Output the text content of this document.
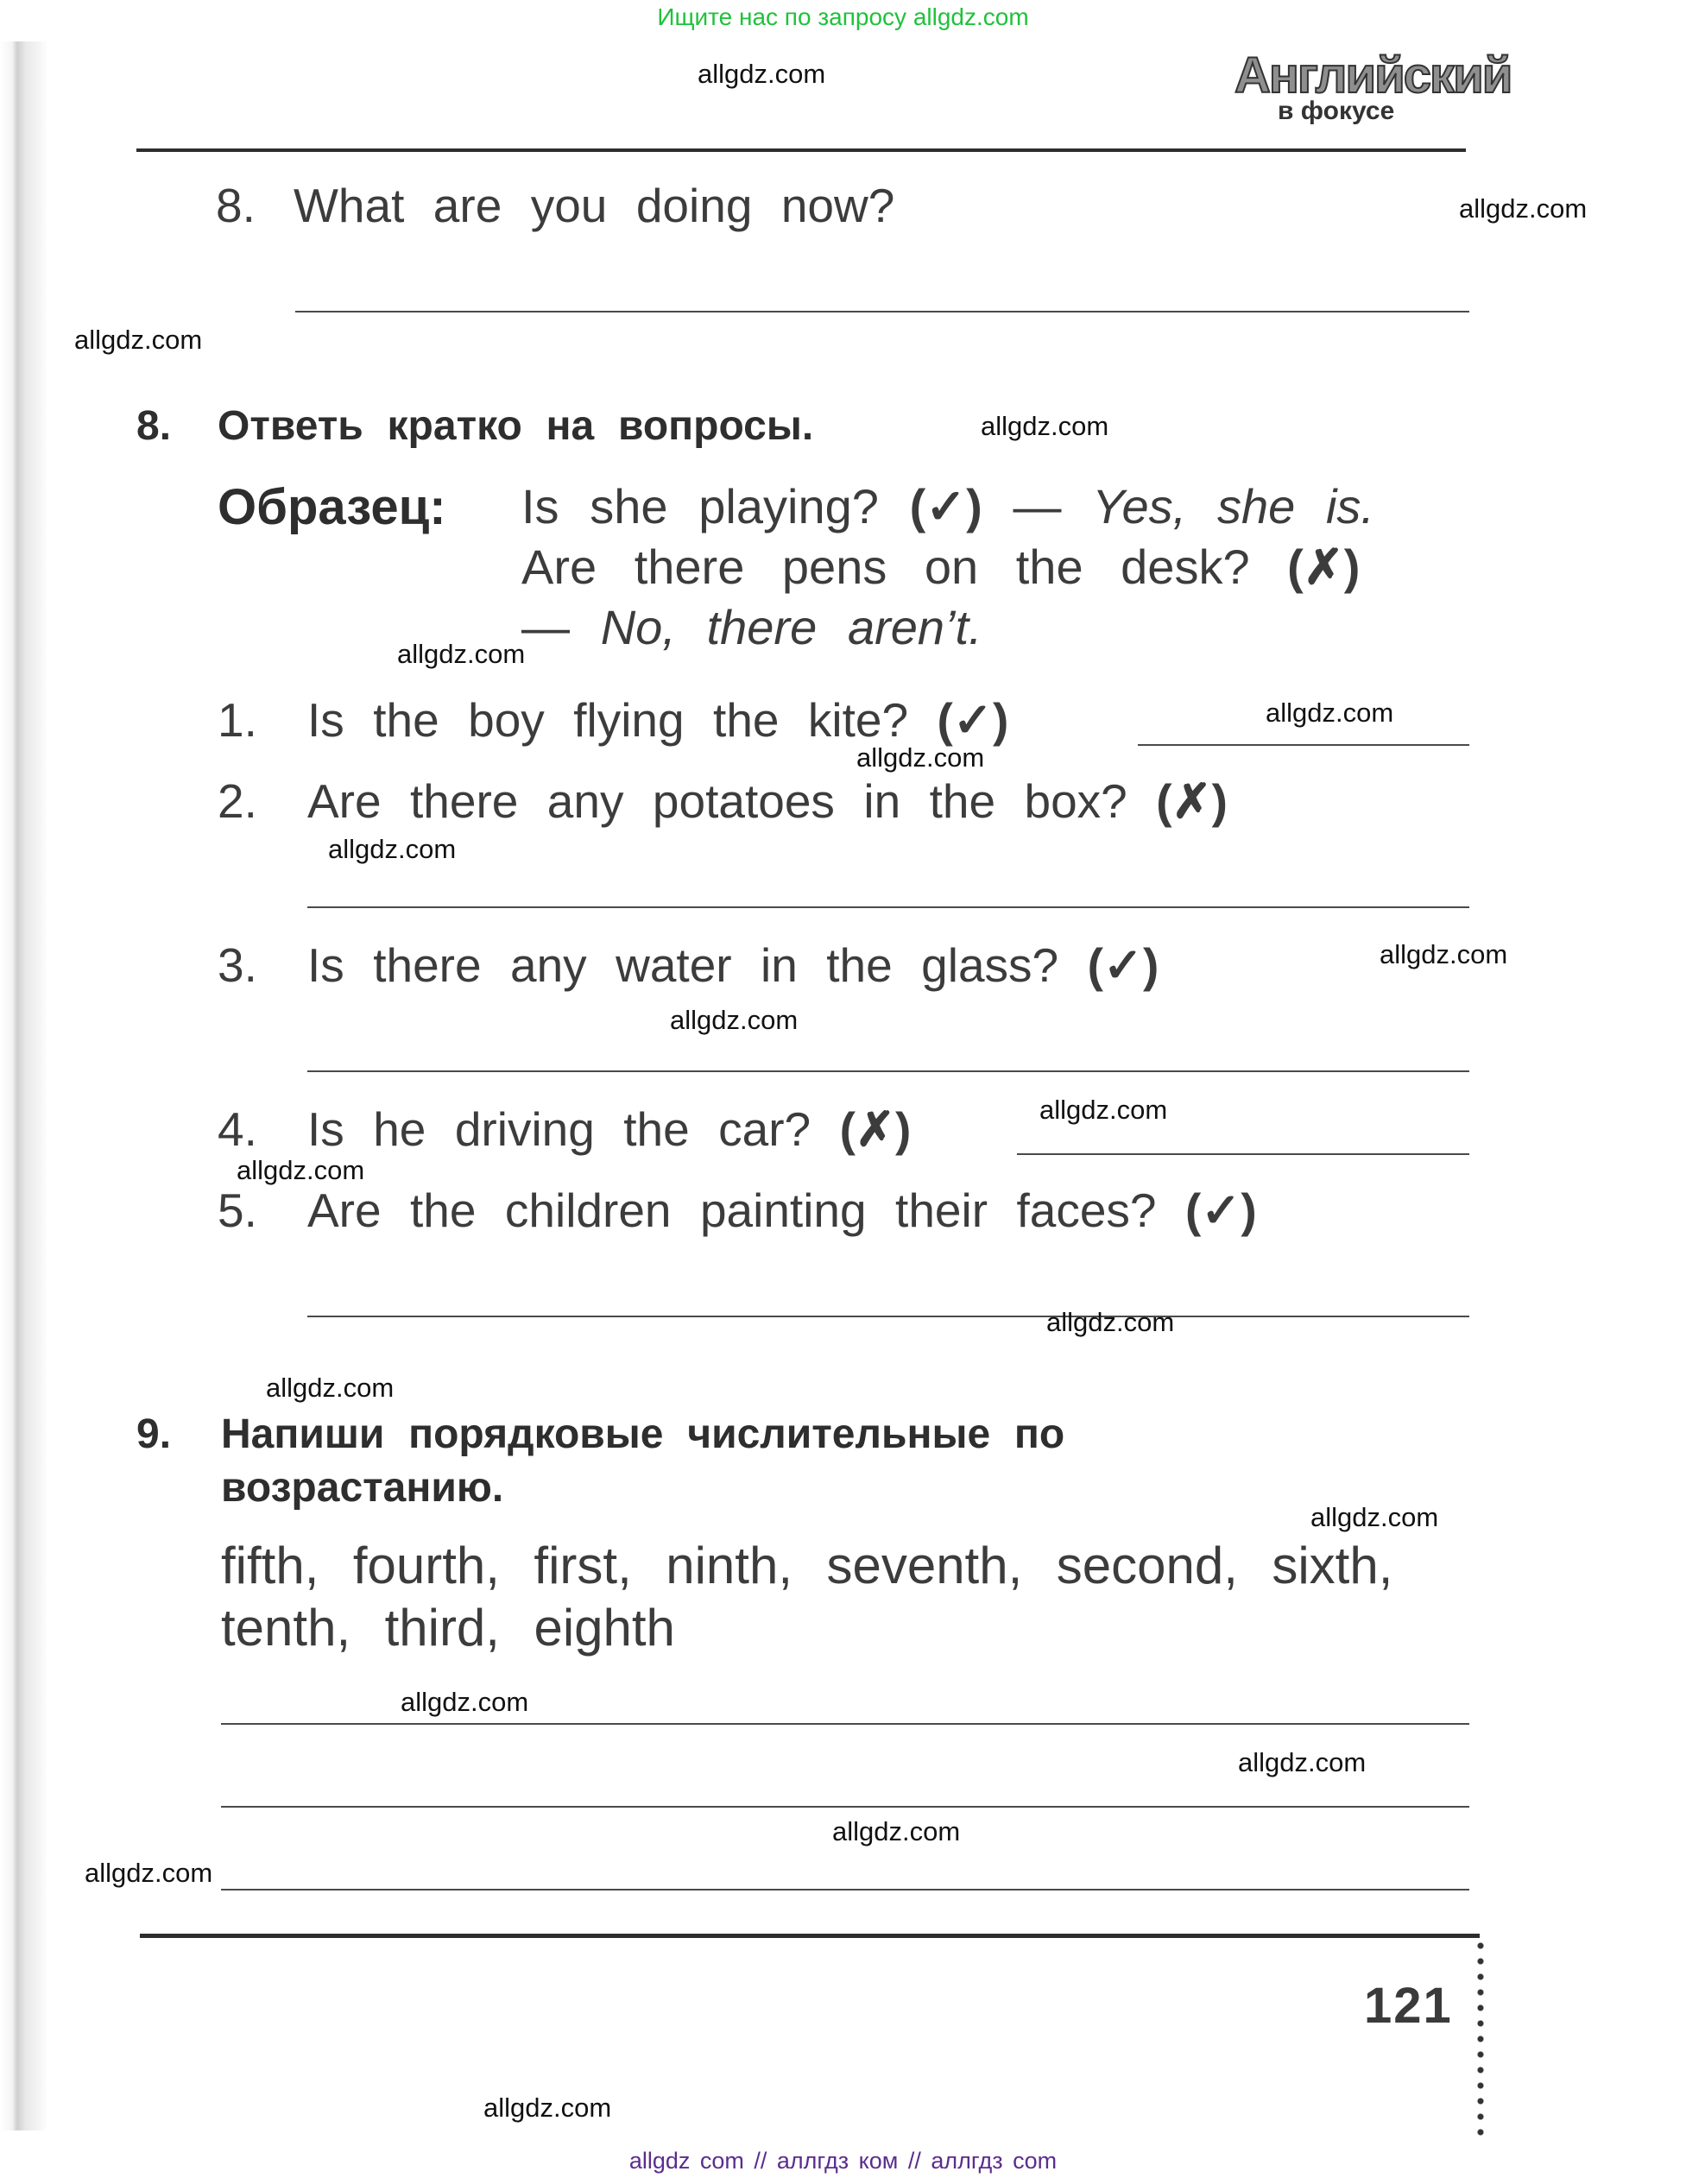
Ищите нас по запросу allgdz.com
Английский
в фокусе
8. What are you doing now?
8. Ответь кратко на вопросы.
Образец: Is she playing? (✓) — Yes, she is.
Are there pens on the desk? (✗)
— No, there aren’t.
1. Is the boy flying the kite? (✓)
2. Are there any potatoes in the box? (✗)
3. Is there any water in the glass? (✓)
4. Is he driving the car? (✗)
5. Are the children painting their faces? (✓)
9. Напиши порядковые числительные по
возрастанию.
fifth, fourth, first, ninth, seventh, second, sixth, tenth, third, eighth
121
allgdz.com
allgdz.com
allgdz.com
allgdz.com
allgdz.com
allgdz.com
allgdz.com
allgdz.com
allgdz.com
allgdz.com
allgdz.com
allgdz.com
allgdz.com
allgdz.com
allgdz.com
allgdz.com
allgdz.com
allgdz.com
allgdz.com
allgdz.com
allgdz com // аллгдз ком // аллгдз com
